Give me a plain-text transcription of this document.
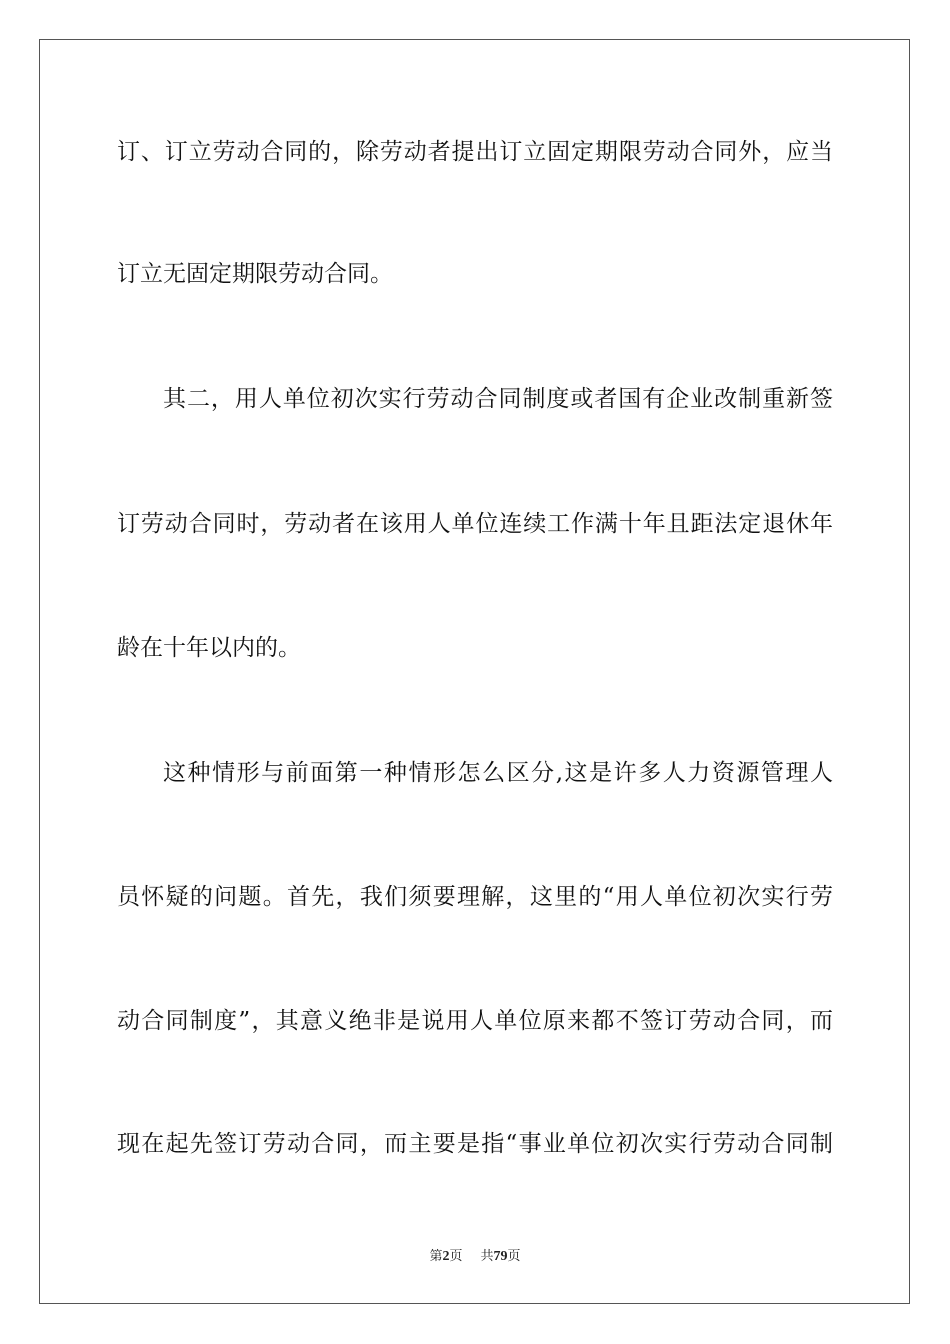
订、订立劳动合同的，除劳动者提出订立固定期限劳动合同外，应当
订立无固定期限劳动合同。
其二，用人单位初次实行劳动合同制度或者国有企业改制重新签
订劳动合同时，劳动者在该用人单位连续工作满十年且距法定退休年
龄在十年以内的。
这种情形与前面第一种情形怎么区分,这是许多人力资源管理人
员怀疑的问题。首先，我们须要理解，这里的“用人单位初次实行劳
动合同制度”，其意义绝非是说用人单位原来都不签订劳动合同，而
现在起先签订劳动合同，而主要是指“事业单位初次实行劳动合同制
第2页 共79页
